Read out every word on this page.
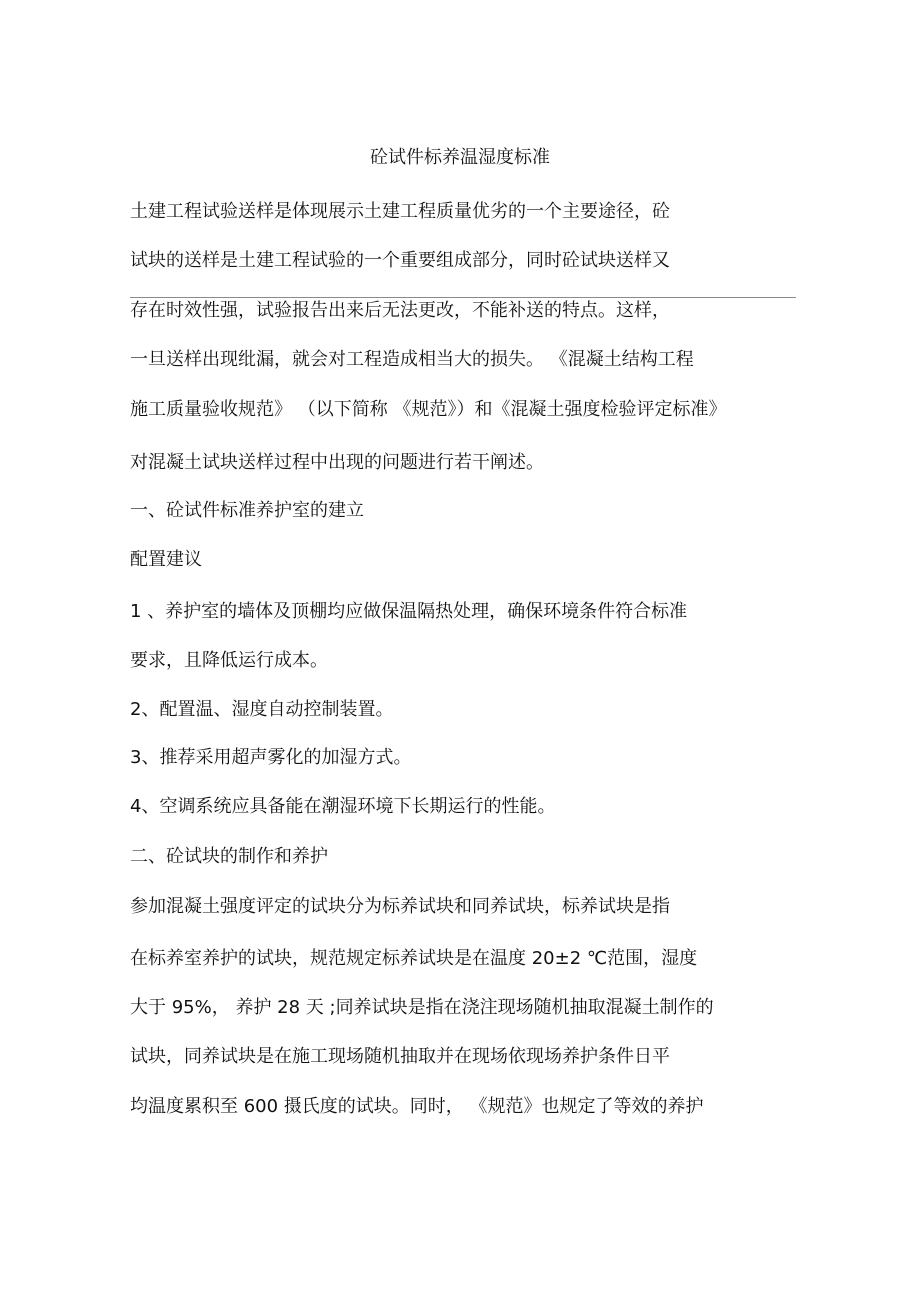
砼试件标养温湿度标准
土建工程试验送样是体现展示土建工程质量优劣的一个主要途径，砼
试块的送样是土建工程试验的一个重要组成部分，同时砼试块送样又
存在时效性强，试验报告出来后无法更改，不能补送的特点。这样，
一旦送样出现纰漏，就会对工程造成相当大的损失。 《混凝土结构工程
施工质量验收规范》 （以下简称 《规范》）和《混凝土强度检验评定标准》
对混凝土试块送样过程中出现的问题进行若干阐述。
一、砼试件标准养护室的建立
配置建议
1 、养护室的墙体及顶棚均应做保温隔热处理，确保环境条件符合标准
要求，且降低运行成本。
2、配置温、湿度自动控制装置。
3、推荐采用超声雾化的加湿方式。
4、空调系统应具备能在潮湿环境下长期运行的性能。
二、砼试块的制作和养护
参加混凝土强度评定的试块分为标养试块和同养试块，标养试块是指
在标养室养护的试块，规范规定标养试块是在温度 20±2 ℃范围，湿度
大于 95%， 养护 28 天 ;同养试块是指在浇注现场随机抽取混凝土制作的
试块，同养试块是在施工现场随机抽取并在现场依现场养护条件日平
均温度累积至 600 摄氏度的试块。同时， 《规范》也规定了等效的养护
